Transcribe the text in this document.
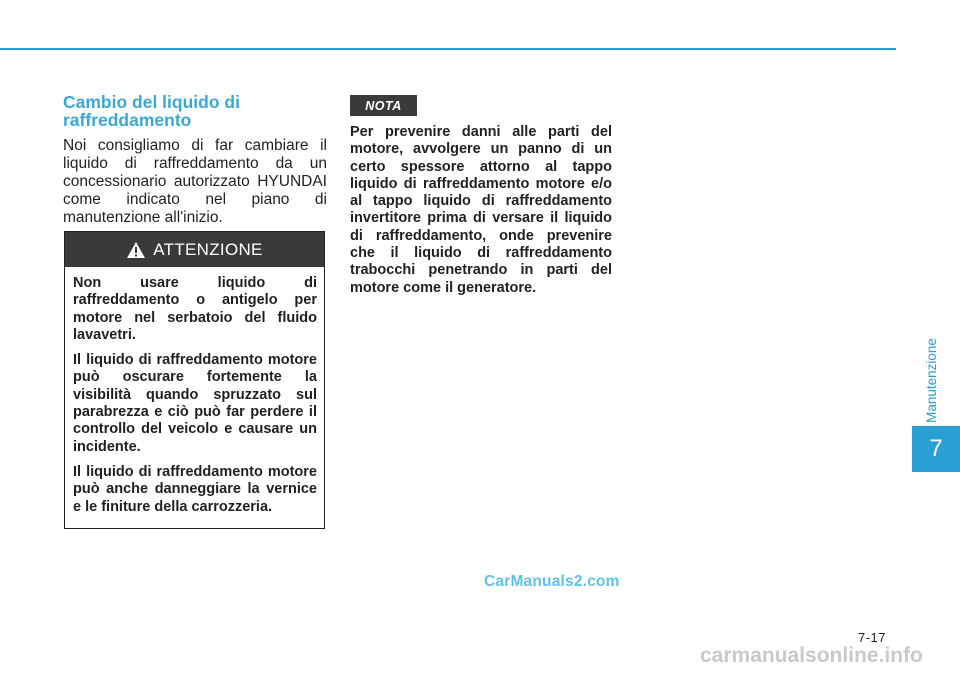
Cambio del liquido di raffreddamento

Noi consigliamo di far cambiare il liquido di raffreddamento da un concessionario autorizzato HYUNDAI come indicato nel piano di manutenzione all'inizio.

ATTENZIONE

Non usare liquido di raffreddamento o antigelo per motore nel serbatoio del fluido lavavetri.

Il liquido di raffreddamento motore può oscurare fortemente la visibilità quando spruzzato sul parabrezza e ciò può far perdere il controllo del veicolo e causare un incidente.

Il liquido di raffreddamento motore può anche danneggiare la vernice e le finiture della carrozzeria.

NOTA

Per prevenire danni alle parti del motore, avvolgere un panno di un certo spessore attorno al tappo liquido di raffreddamento motore e/o al tappo liquido di raffreddamento invertitore prima di versare il liquido di raffreddamento, onde prevenire che il liquido di raffreddamento trabocchi penetrando in parti del motore come il generatore.

Manutenzione
7
CarManuals2.com
7-17
carmanualsonline.info
